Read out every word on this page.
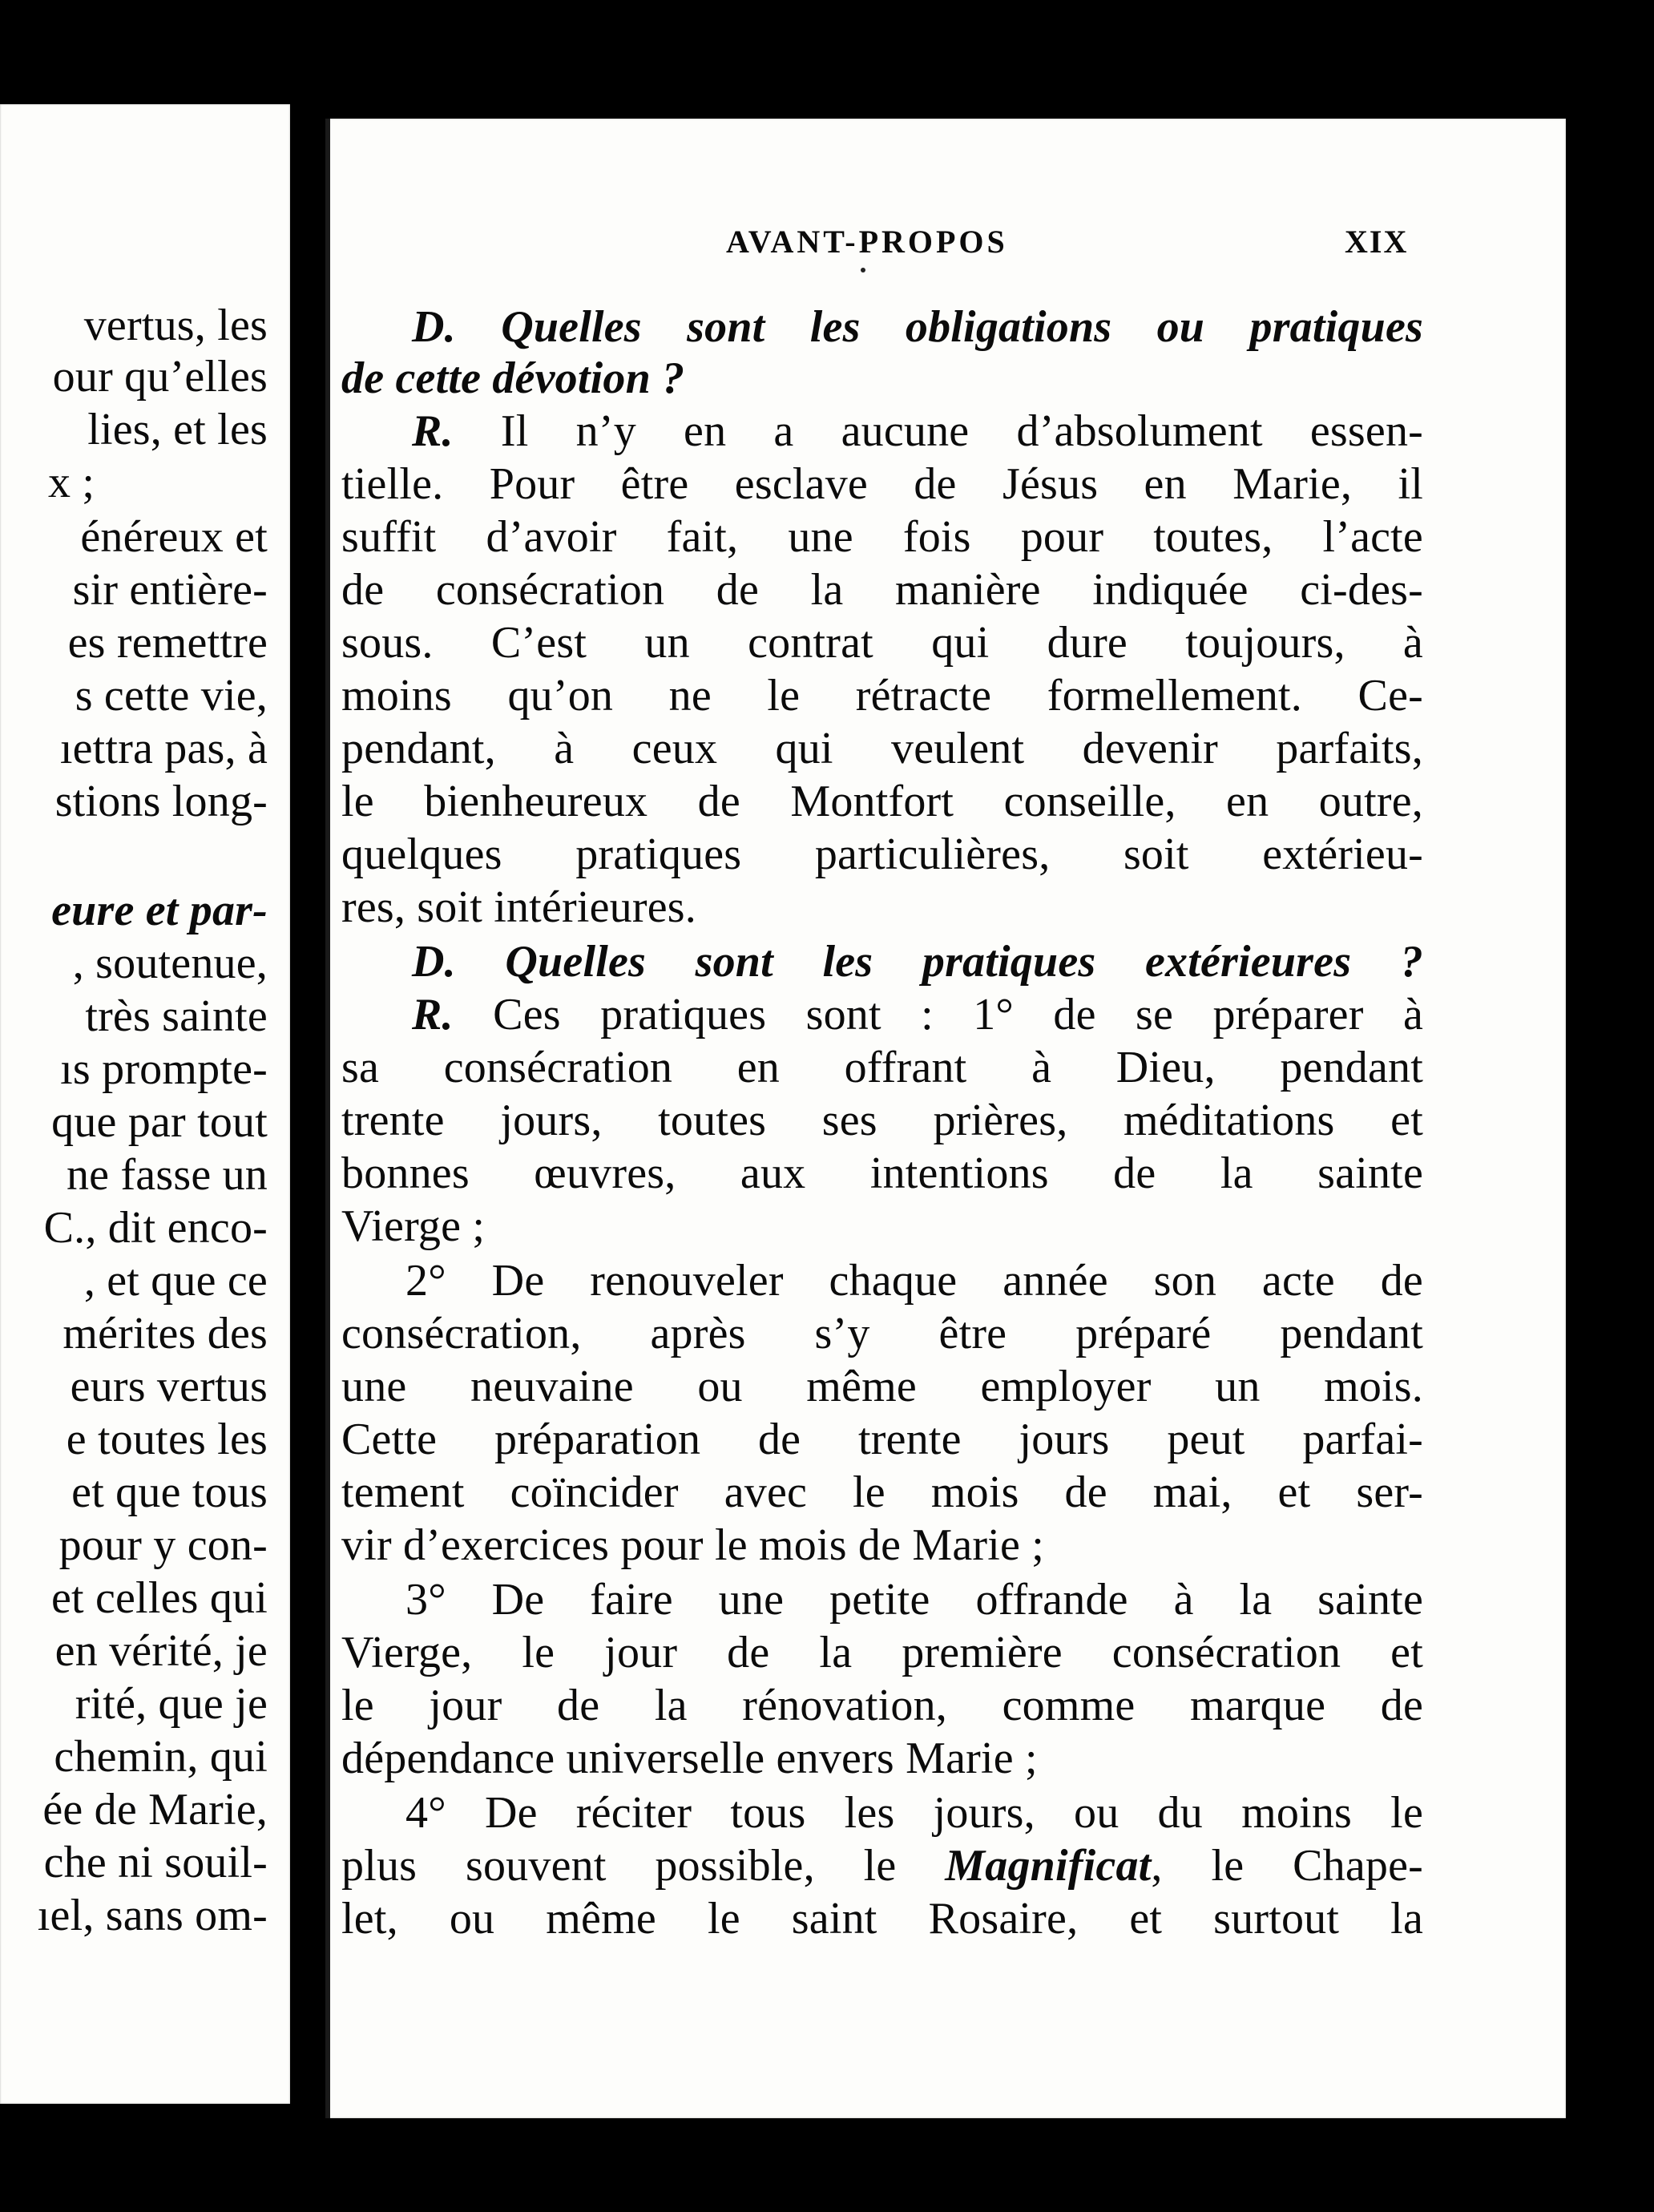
vertus, les
our qu’elles
lies, et les
x ;
énéreux et
sir entière-
es remettre
s cette vie,
ıettra pas, à
stions long-
eure et par-
, soutenue,
très sainte
ıs prompte-
que par tout
ne fasse un
C., dit enco-
, et que ce
mérites des
eurs vertus
e toutes les
et que tous
pour y con-
et celles qui
en vérité, je
rité, que je
chemin, qui
ée de Marie,
che ni souil-
ıel, sans om-
AVANT-PROPOS	XIX
D. Quelles sont les obligations ou pratiques
de cette dévotion ?
R. Il n’y en a aucune d’absolument essen-
tielle. Pour être esclave de Jésus en Marie, il
suffit d’avoir fait, une fois pour toutes, l’acte
de consécration de la manière indiquée ci-des-
sous. C’est un contrat qui dure toujours, à
moins qu’on ne le rétracte formellement. Ce-
pendant, à ceux qui veulent devenir parfaits,
le bienheureux de Montfort conseille, en outre,
quelques pratiques particulières, soit extérieu-
res, soit intérieures.
D. Quelles sont les pratiques extérieures ?
R. Ces pratiques sont : 1° de se préparer à
sa consécration en offrant à Dieu, pendant
trente jours, toutes ses prières, méditations et
bonnes œuvres, aux intentions de la sainte
Vierge ;
2° De renouveler chaque année son acte de
consécration, après s’y être préparé pendant
une neuvaine ou même employer un mois.
Cette préparation de trente jours peut parfai-
tement coïncider avec le mois de mai, et ser-
vir d’exercices pour le mois de Marie ;
3° De faire une petite offrande à la sainte
Vierge, le jour de la première consécration et
le jour de la rénovation, comme marque de
dépendance universelle envers Marie ;
4° De réciter tous les jours, ou du moins le
plus souvent possible, le Magnificat, le Chape-
let, ou même le saint Rosaire, et surtout la
